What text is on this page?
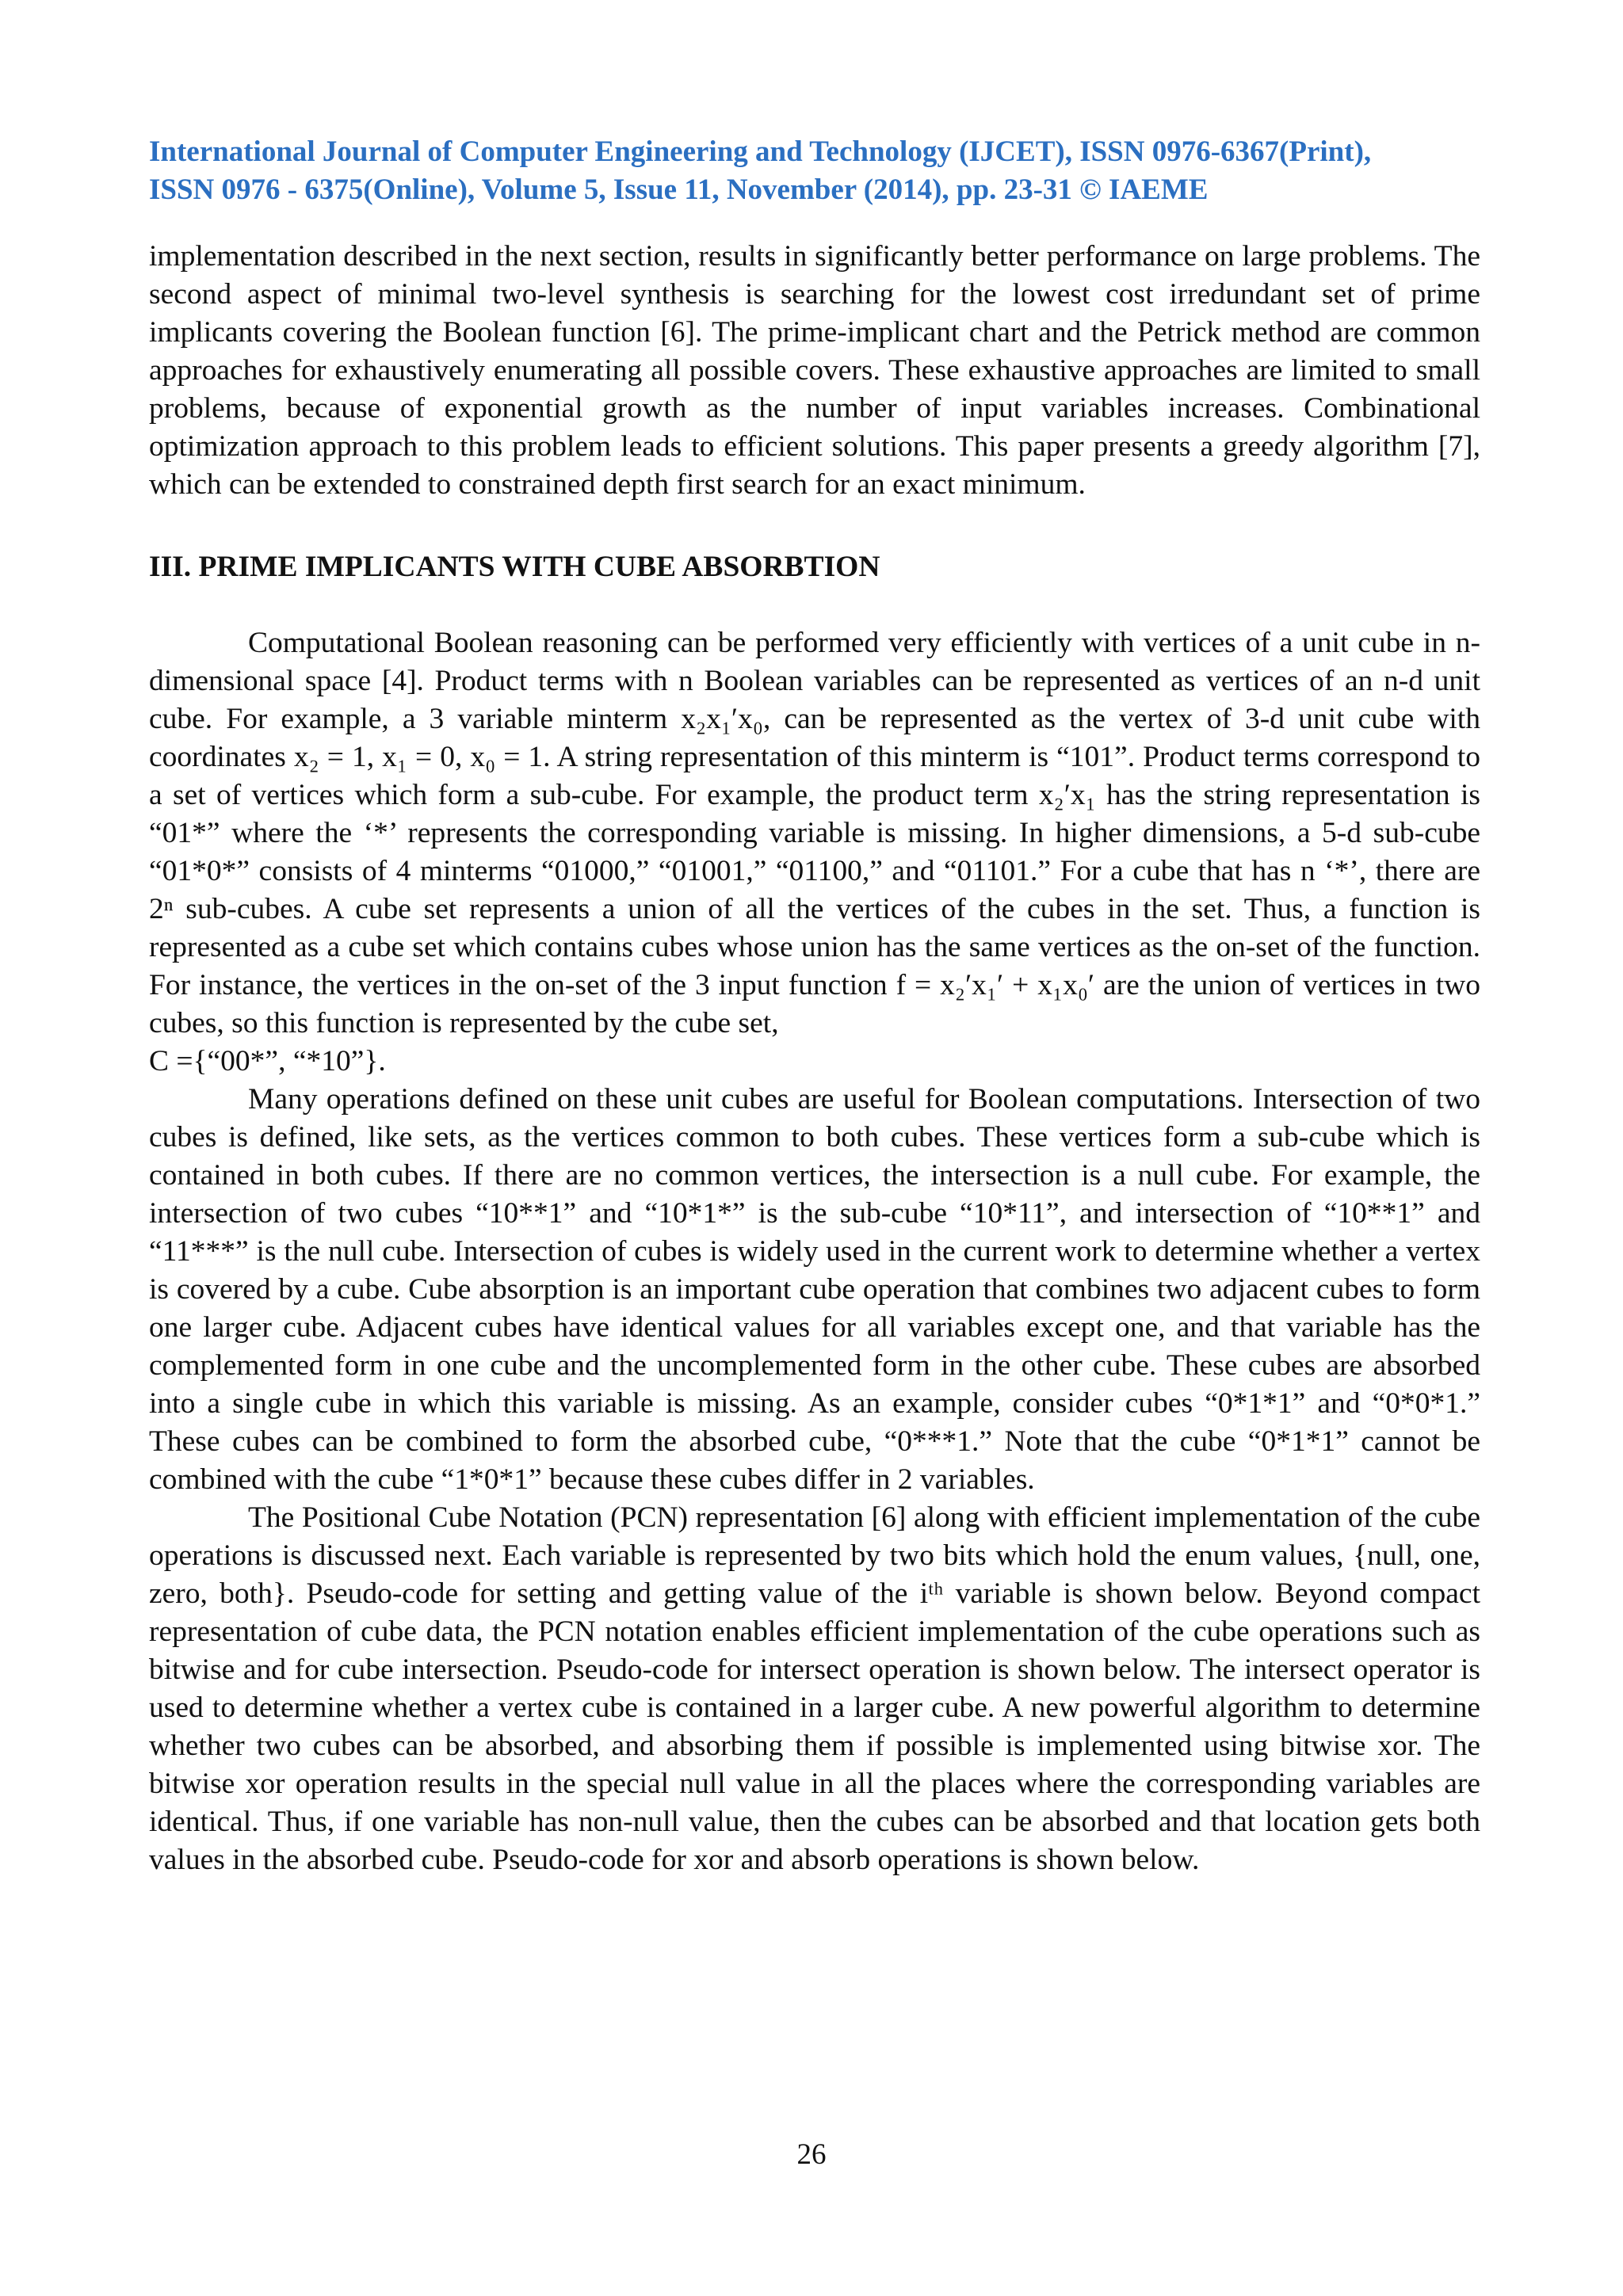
International Journal of Computer Engineering and Technology (IJCET), ISSN 0976-6367(Print),
ISSN 0976 - 6375(Online), Volume 5, Issue 11, November (2014), pp. 23-31 © IAEME

implementation described in the next section, results in significantly better performance on large problems. The second aspect of minimal two-level synthesis is searching for the lowest cost irredundant set of prime implicants covering the Boolean function [6]. The prime-implicant chart and the Petrick method are common approaches for exhaustively enumerating all possible covers. These exhaustive approaches are limited to small problems, because of exponential growth as the number of input variables increases. Combinational optimization approach to this problem leads to efficient solutions. This paper presents a greedy algorithm [7], which can be extended to constrained depth first search for an exact minimum.

III. PRIME IMPLICANTS WITH CUBE ABSORBTION

Computational Boolean reasoning can be performed very efficiently with vertices of a unit cube in n-dimensional space [4]. Product terms with n Boolean variables can be represented as vertices of an n-d unit cube. For example, a 3 variable minterm x₂x₁′x₀, can be represented as the vertex of 3-d unit cube with coordinates x₂ = 1, x₁ = 0, x₀ = 1. A string representation of this minterm is “101”. Product terms correspond to a set of vertices which form a sub-cube. For example, the product term x₂′x₁ has the string representation is “01*” where the ‘*’ represents the corresponding variable is missing. In higher dimensions, a 5-d sub-cube “01*0*” consists of 4 minterms “01000,” “01001,” “01100,” and “01101.” For a cube that has n ‘*’, there are 2ⁿ sub-cubes. A cube set represents a union of all the vertices of the cubes in the set. Thus, a function is represented as a cube set which contains cubes whose union has the same vertices as the on-set of the function. For instance, the vertices in the on-set of the 3 input function f = x₂′x₁′ + x₁x₀′ are the union of vertices in two cubes, so this function is represented by the cube set,

C ={“00*”, “*10”}.

Many operations defined on these unit cubes are useful for Boolean computations. Intersection of two cubes is defined, like sets, as the vertices common to both cubes. These vertices form a sub-cube which is contained in both cubes. If there are no common vertices, the intersection is a null cube. For example, the intersection of two cubes “10**1” and “10*1*” is the sub-cube “10*11”, and intersection of “10**1” and “11***” is the null cube. Intersection of cubes is widely used in the current work to determine whether a vertex is covered by a cube. Cube absorption is an important cube operation that combines two adjacent cubes to form one larger cube. Adjacent cubes have identical values for all variables except one, and that variable has the complemented form in one cube and the uncomplemented form in the other cube. These cubes are absorbed into a single cube in which this variable is missing. As an example, consider cubes “0*1*1” and “0*0*1.” These cubes can be combined to form the absorbed cube, “0***1.” Note that the cube “0*1*1” cannot be combined with the cube “1*0*1” because these cubes differ in 2 variables.

The Positional Cube Notation (PCN) representation [6] along with efficient implementation of the cube operations is discussed next. Each variable is represented by two bits which hold the enum values, {null, one, zero, both}. Pseudo-code for setting and getting value of the iᵗʰ variable is shown below. Beyond compact representation of cube data, the PCN notation enables efficient implementation of the cube operations such as bitwise and for cube intersection. Pseudo-code for intersect operation is shown below. The intersect operator is used to determine whether a vertex cube is contained in a larger cube. A new powerful algorithm to determine whether two cubes can be absorbed, and absorbing them if possible is implemented using bitwise xor. The bitwise xor operation results in the special null value in all the places where the corresponding variables are identical. Thus, if one variable has non-null value, then the cubes can be absorbed and that location gets both values in the absorbed cube. Pseudo-code for xor and absorb operations is shown below.

26
